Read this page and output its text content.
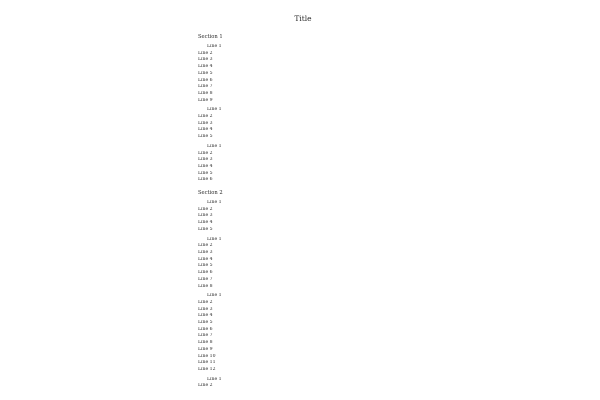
Title
Section 1
Line 1
Line 2
Line 3
Line 4
Line 5
Line 6
Line 7
Line 8
Line 9
Line 1
Line 2
Line 3
Line 4
Line 5
Line 1
Line 2
Line 3
Line 4
Line 5
Line 6
Section 2
Line 1
Line 2
Line 3
Line 4
Line 5
Line 1
Line 2
Line 3
Line 4
Line 5
Line 6
Line 7
Line 8
Line 1
Line 2
Line 3
Line 4
Line 5
Line 6
Line 7
Line 8
Line 9
Line 10
Line 11
Line 12
Line 1
Line 2
